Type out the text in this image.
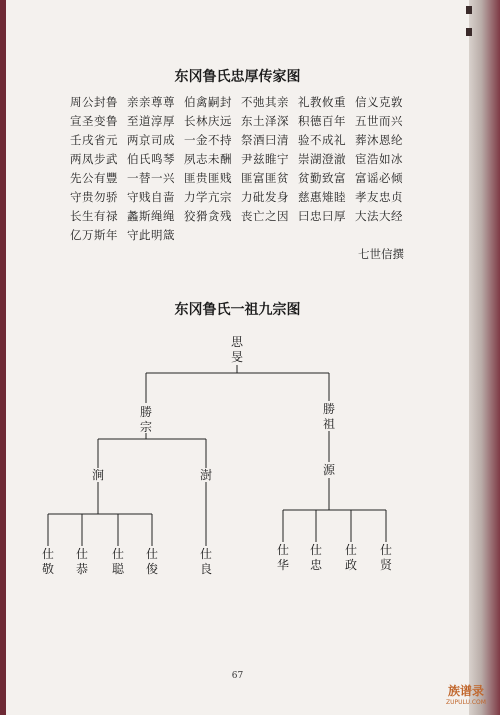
东冈鲁氏忠厚传家图
周公封鲁 亲亲尊尊 伯禽嗣封 不弛其亲 礼教攸重 信义克敦
宣圣变鲁 至道淳厚 长林庆远 东土泽深 积德百年 五世而兴
壬戌省元 两京司成 一金不持 祭酒曰清 验不成礼 葬沐恩纶
两凤步武 伯氏鸣琴 夙志未酬 尹兹睢宁 崇湖澄澈 宦浩如冰
先公有豐 一替一兴 匪贵匪贱 匪富匪贫 贫勤致富 富谣必倾
守贵勿骄 守贱自啬 力学亢宗 力砒发身 慈惠雉睦 孝友忠贞
长生有禄 蠡斯绳绳 狡猾贪残 丧亡之因 曰忠曰厚 大法大经
亿万斯年 守此明箴
七世信撰
东冈鲁氏一祖九宗图
思旻
勝宗
勝祖
涧	澍	源
仕敬
仕恭
仕聪
仕俊
仕良
仕华
仕忠
仕政
仕贤
67
族谱录
ZUPULU.COM
